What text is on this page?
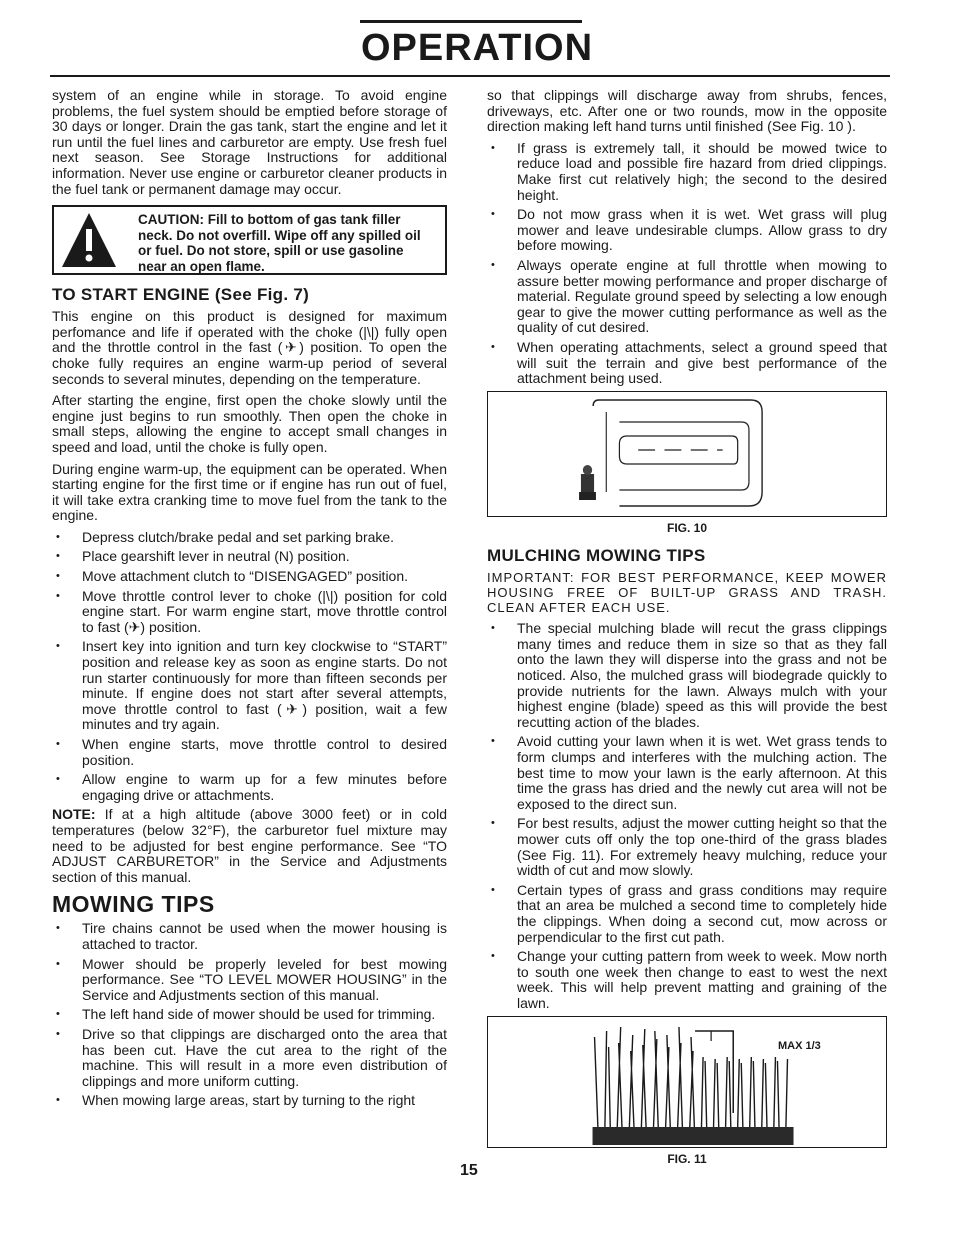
OPERATION

system of an engine while in storage. To avoid engine problems, the fuel system should be emptied before storage of 30 days or longer. Drain the gas tank, start the engine and let it run until the fuel lines and carburetor are empty. Use fresh fuel next season. See Storage Instructions for additional information. Never use engine or carburetor cleaner products in the fuel tank or permanent damage may occur.

CAUTION: Fill to bottom of gas tank filler neck. Do not overfill. Wipe off any spilled oil or fuel. Do not store, spill or use gasoline near an open flame.
TO START ENGINE (See Fig. 7)

This engine on this product is designed for maximum perfomance and life if operated with the choke (|\|) fully open and the throttle control in the fast (✈) position. To open the choke fully requires an engine warm-up period of several seconds to several minutes, depending on the temperature.

After starting the engine, first open the choke slowly until the engine just begins to run smoothly. Then open the choke in small steps, allowing the engine to accept small changes in speed and load, until the choke is fully open.

During engine warm-up, the equipment can be operated. When starting engine for the first time or if engine has run out of fuel, it will take extra cranking time to move fuel from the tank to the engine.

• Depress clutch/brake pedal and set parking brake.
• Place gearshift lever in neutral (N) position.
• Move attachment clutch to “DISENGAGED” position.
• Move throttle control lever to choke (|\|) position for cold engine start. For warm engine start, move throttle control to fast (✈) position.
• Insert key into ignition and turn key clockwise to “START” position and release key as soon as engine starts. Do not run starter continuously for more than fifteen seconds per minute. If engine does not start after several attempts, move throttle control to fast (✈) position, wait a few minutes and try again.
• When engine starts, move throttle control to desired position.
• Allow engine to warm up for a few minutes before engaging drive or attachments.

NOTE: If at a high altitude (above 3000 feet) or in cold temperatures (below 32°F), the carburetor fuel mixture may need to be adjusted for best engine performance. See “TO ADJUST CARBURETOR” in the Service and Adjustments section of this manual.

MOWING TIPS
• Tire chains cannot be used when the mower housing is attached to tractor.
• Mower should be properly leveled for best mowing performance. See “TO LEVEL MOWER HOUSING” in the Service and Adjustments section of this manual.
• The left hand side of mower should be used for trimming.
• Drive so that clippings are discharged onto the area that has been cut. Have the cut area to the right of the machine. This will result in a more even distribution of clippings and more uniform cutting.
• When mowing large areas, start by turning to the right
15

so that clippings will discharge away from shrubs, fences, driveways, etc. After one or two rounds, mow in the opposite direction making left hand turns until finished (See Fig. 10 ).

• If grass is extremely tall, it should be mowed twice to reduce load and possible fire hazard from dried clippings. Make first cut relatively high; the second to the desired height.
• Do not mow grass when it is wet. Wet grass will plug mower and leave undesirable clumps. Allow grass to dry before mowing.
• Always operate engine at full throttle when mowing to assure better mowing performance and proper discharge of material. Regulate ground speed by selecting a low enough gear to give the mower cutting performance as well as the quality of cut desired.
• When operating attachments, select a ground speed that will suit the terrain and give best performance of the attachment being used.
FIG. 10
MULCHING MOWING TIPS
IMPORTANT: FOR BEST PERFORMANCE, KEEP MOWER HOUSING FREE OF BUILT-UP GRASS AND TRASH. CLEAN AFTER EACH USE.
• The special mulching blade will recut the grass clippings many times and reduce them in size so that as they fall onto the lawn they will disperse into the grass and not be noticed. Also, the mulched grass will biodegrade quickly to provide nutrients for the lawn. Always mulch with your highest engine (blade) speed as this will provide the best recutting action of the blades.
• Avoid cutting your lawn when it is wet. Wet grass tends to form clumps and interferes with the mulching action. The best time to mow your lawn is the early afternoon. At this time the grass has dried and the newly cut area will not be exposed to the direct sun.
• For best results, adjust the mower cutting height so that the mower cuts off only the top one-third of the grass blades (See Fig. 11). For extremely heavy mulching, reduce your width of cut and mow slowly.
• Certain types of grass and grass conditions may require that an area be mulched a second time to completely hide the clippings. When doing a second cut, mow across or perpendicular to the first cut path.
• Change your cutting pattern from week to week. Mow north to south one week then change to east to west the next week. This will help prevent matting and graining of the lawn.
MAX 1/3
FIG. 11
